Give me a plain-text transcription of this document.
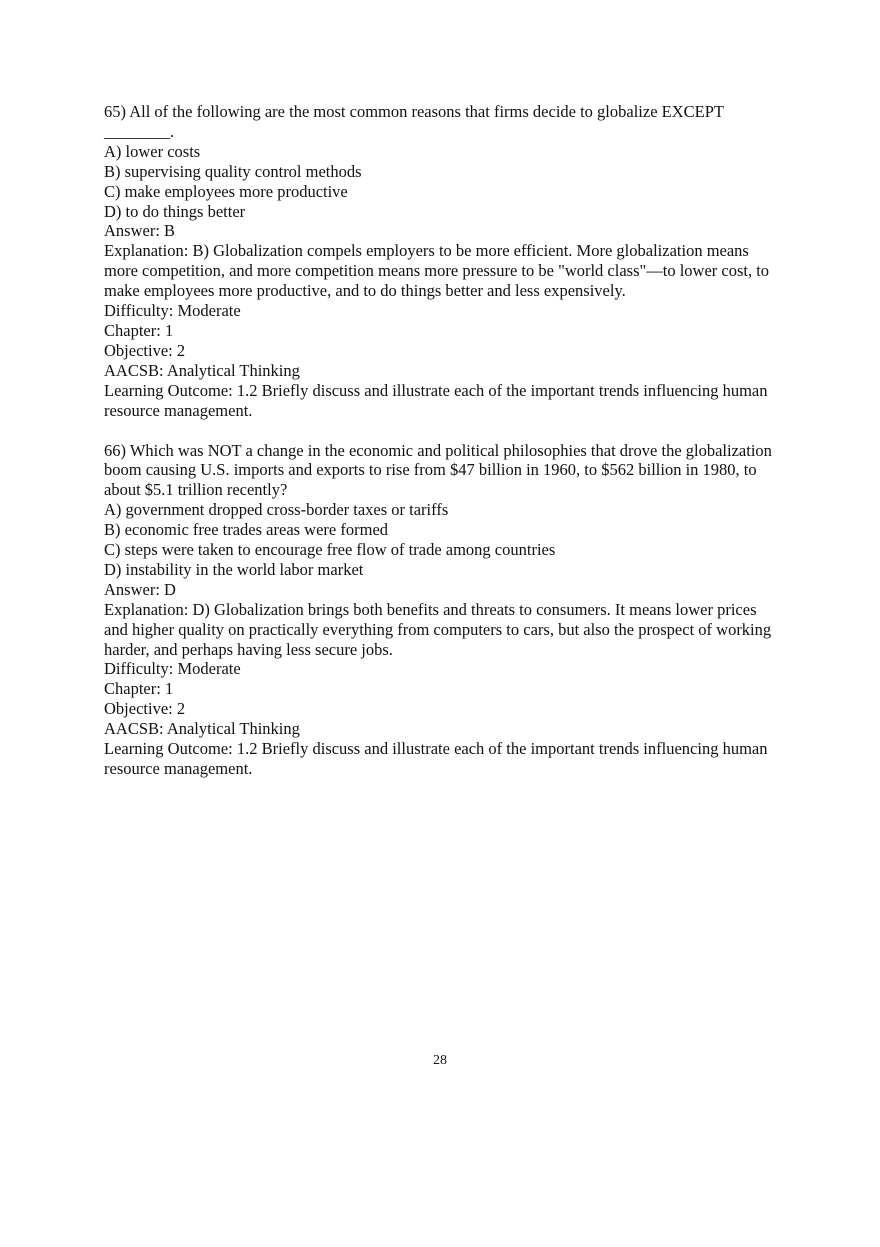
65) All of the following are the most common reasons that firms decide to globalize EXCEPT ________.
A) lower costs
B) supervising quality control methods
C) make employees more productive
D) to do things better
Answer: B
Explanation: B) Globalization compels employers to be more efficient. More globalization means more competition, and more competition means more pressure to be "world class"—to lower cost, to make employees more productive, and to do things better and less expensively.
Difficulty: Moderate
Chapter: 1
Objective: 2
AACSB: Analytical Thinking
Learning Outcome: 1.2 Briefly discuss and illustrate each of the important trends influencing human resource management.
66) Which was NOT a change in the economic and political philosophies that drove the globalization boom causing U.S. imports and exports to rise from $47 billion in 1960, to $562 billion in 1980, to about $5.1 trillion recently?
A) government dropped cross-border taxes or tariffs
B) economic free trades areas were formed
C) steps were taken to encourage free flow of trade among countries
D) instability in the world labor market
Answer: D
Explanation: D) Globalization brings both benefits and threats to consumers. It means lower prices and higher quality on practically everything from computers to cars, but also the prospect of working harder, and perhaps having less secure jobs.
Difficulty: Moderate
Chapter: 1
Objective: 2
AACSB: Analytical Thinking
Learning Outcome: 1.2 Briefly discuss and illustrate each of the important trends influencing human resource management.
28
